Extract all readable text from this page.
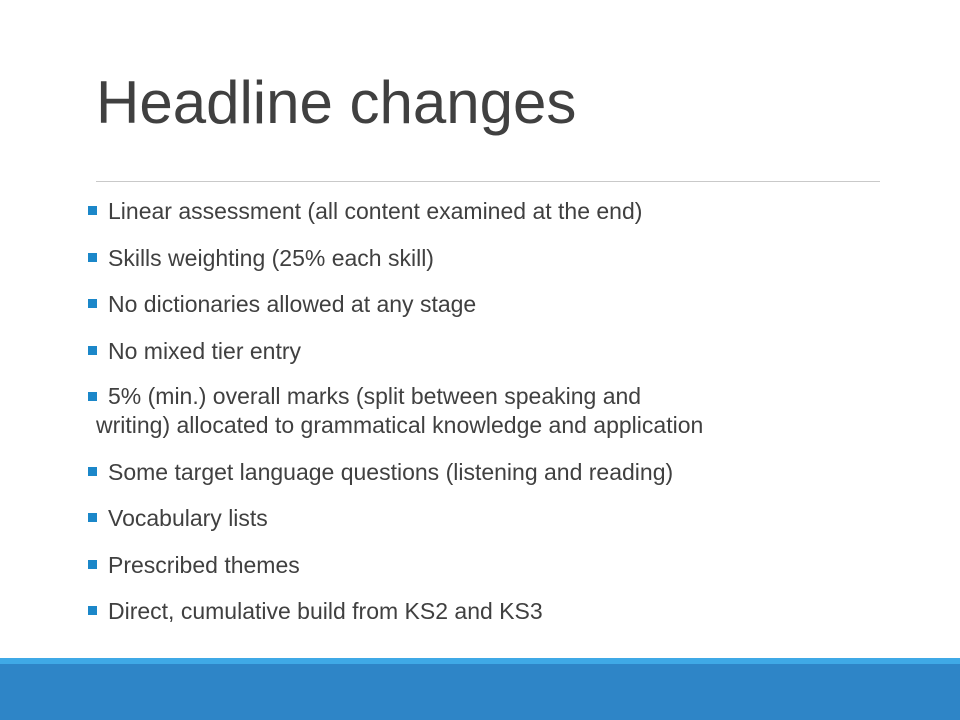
Headline changes
Linear assessment (all content examined at the end)
Skills weighting (25% each skill)
No dictionaries allowed at any stage
No mixed tier entry
5% (min.) overall marks (split between speaking and
writing) allocated to grammatical knowledge and application
Some target language questions (listening and reading)
Vocabulary lists
Prescribed themes
Direct, cumulative build from KS2 and KS3
